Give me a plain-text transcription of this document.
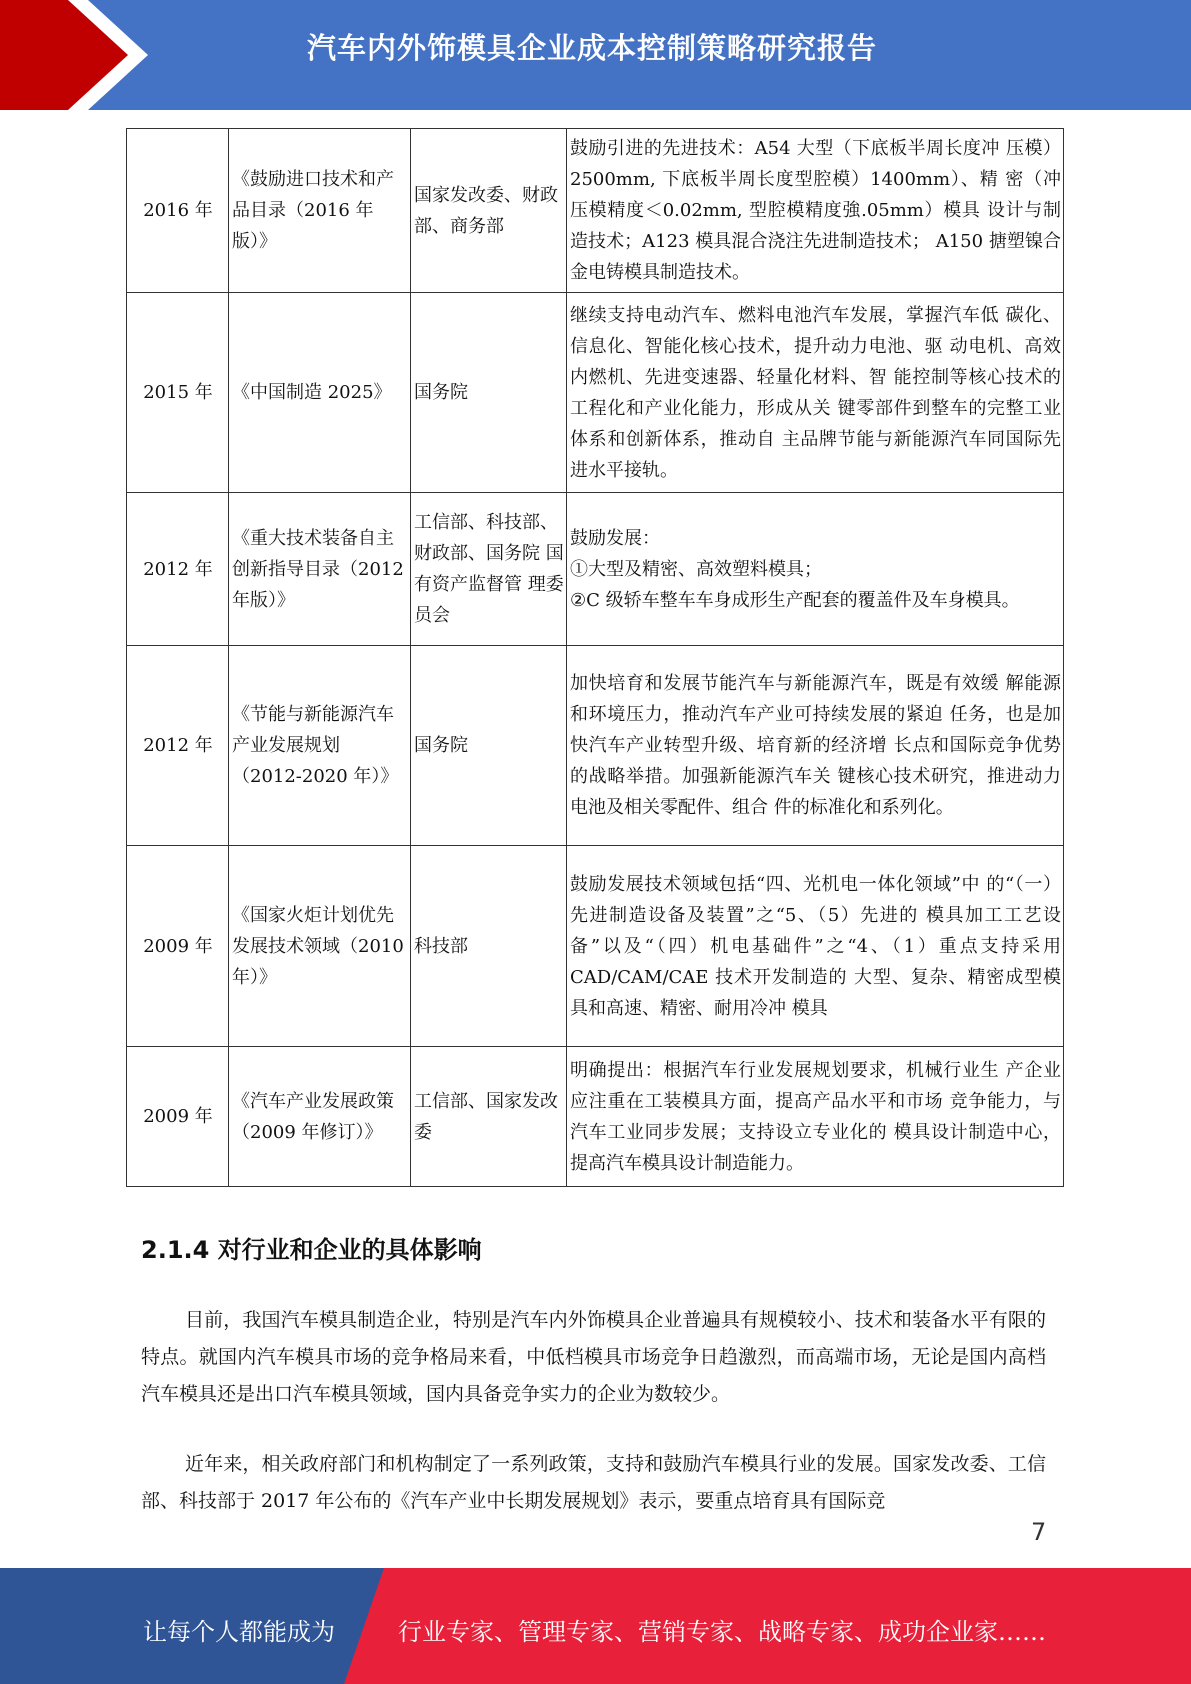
汽车内外饰模具企业成本控制策略研究报告
2016 年	《鼓励进口技术和产品目录（2016 年版）》	国家发改委、财政部、商务部	鼓励引进的先进技术：A54 大型（下底板半周长度冲 压模）2500mm, 下底板半周长度型腔模）1400mm）、精 密（冲压模精度＜0.02mm, 型腔模精度強.05mm）模具 设计与制造技术；A123 模具混合浇注先进制造技术； A150 搪塑镍合金电铸模具制造技术。
2015 年	《中国制造 2025》	国务院	继续支持电动汽车、燃料电池汽车发展，掌握汽车低 碳化、信息化、智能化核心技术，提升动力电池、驱 动电机、高效内燃机、先进变速器、轻量化材料、智 能控制等核心技术的工程化和产业化能力，形成从关 键零部件到整车的完整工业体系和创新体系，推动自 主品牌节能与新能源汽车同国际先进水平接轨。
2012 年	《重大技术装备自主创新指导目录（2012 年版）》	工信部、科技部、 财政部、国务院 国有资产监督管 理委员会	鼓励发展：
①大型及精密、高效塑料模具；
②C 级轿车整车车身成形生产配套的覆盖件及车身模具。

2012 年	《节能与新能源汽车产业发展规划（2012-2020 年）》	国务院	加快培育和发展节能汽车与新能源汽车，既是有效缓 解能源和环境压力，推动汽车产业可持续发展的紧迫 任务，也是加快汽车产业转型升级、培育新的经济增 长点和国际竞争优势的战略举措。加强新能源汽车关 键核心技术研究，推进动力电池及相关零配件、组合 件的标准化和系列化。
2009 年	《国家火炬计划优先发展技术领域（2010 年）》	科技部	鼓励发展技术领域包括“四、光机电一体化领域”中 的“（一）先进制造设备及装置”之“5、（5）先进的 模具加工工艺设备”以及“（四）机电基础件”之“4、（1）重点支持采用 CAD/CAM/CAE 技术开发制造的 大型、复杂、精密成型模具和高速、精密、耐用冷冲 模具
2009 年	《汽车产业发展政策（2009 年修订）》	工信部、国家发改委	明确提出：根据汽车行业发展规划要求，机械行业生 产企业应注重在工装模具方面，提高产品水平和市场 竞争能力，与汽车工业同步发展；支持设立专业化的 模具设计制造中心，提高汽车模具设计制造能力。
2.1.4 对行业和企业的具体影响

目前，我国汽车模具制造企业，特别是汽车内外饰模具企业普遍具有规模较小、技术和装备水平有限的特点。就国内汽车模具市场的竞争格局来看，中低档模具市场竞争日趋激烈，而高端市场，无论是国内高档汽车模具还是出口汽车模具领域，国内具备竞争实力的企业为数较少。

近年来，相关政府部门和机构制定了一系列政策，支持和鼓励汽车模具行业的发展。国家发改委、工信部、科技部于 2017 年公布的《汽车产业中长期发展规划》表示，要重点培育具有国际竞

7
让每个人都能成为	行业专家、管理专家、营销专家、战略专家、成功企业家……
